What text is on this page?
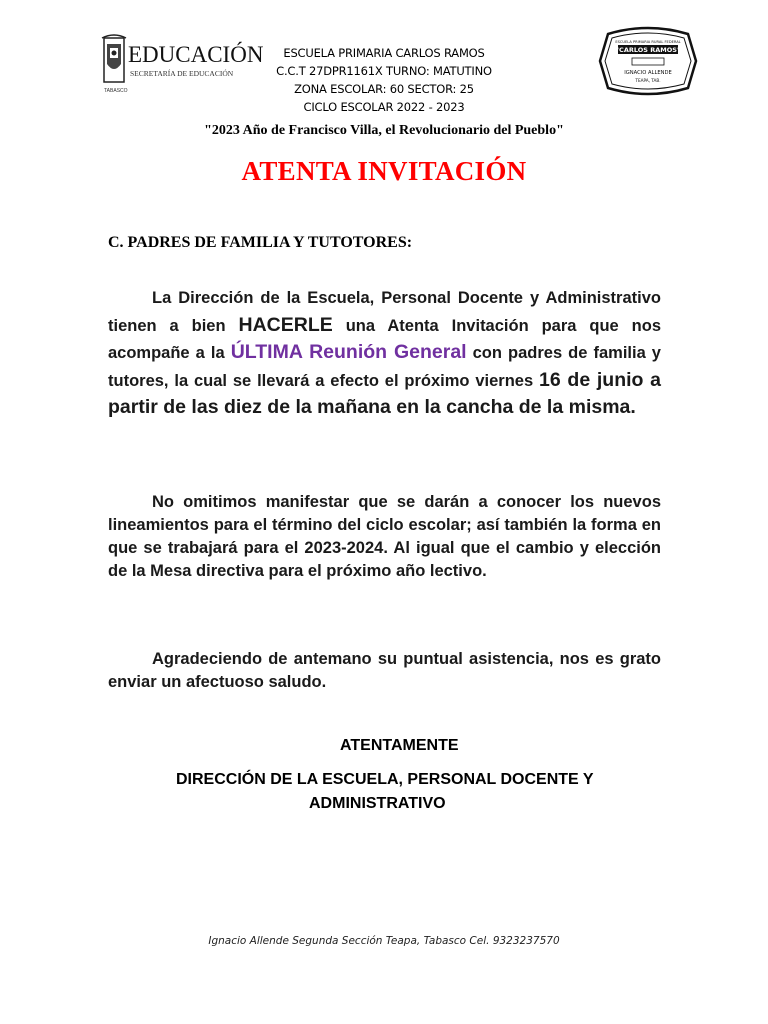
EDUCACIÓN
SECRETARÍA DE EDUCACIÓN
TABASCO
ESCUELA PRIMARIA CARLOS RAMOS
C.C.T 27DPR1161X TURNO: MATUTINO
ZONA ESCOLAR: 60 SECTOR: 25
CICLO ESCOLAR 2022 - 2023
ESCUELA PRIMARIA RURAL FEDERAL
"CARLOS RAMOS"
IGNACIO ALLENDE
TEAPA, TAB.
"2023 Año de Francisco Villa, el Revolucionario del Pueblo"
ATENTA INVITACIÓN
C. PADRES DE FAMILIA Y TUTOTORES:
La Dirección de la Escuela, Personal Docente y Administrativo tienen a bien HACERLE una Atenta Invitación para que nos acompañe a la ÚLTIMA Reunión General con padres de familia y tutores, la cual se llevará a efecto el próximo viernes 16 de junio a partir de las diez de la mañana en la cancha de la misma.
No omitimos manifestar que se darán a conocer los nuevos lineamientos para el término del ciclo escolar; así también la forma en que se trabajará para el 2023-2024. Al igual que el cambio y elección de la Mesa directiva para el próximo año lectivo.
Agradeciendo de antemano su puntual asistencia, nos es grato enviar un afectuoso saludo.
ATENTAMENTE
DIRECCIÓN DE LA ESCUELA, PERSONAL DOCENTE Y
ADMINISTRATIVO
Ignacio Allende Segunda Sección Teapa, Tabasco Cel. 9323237570
